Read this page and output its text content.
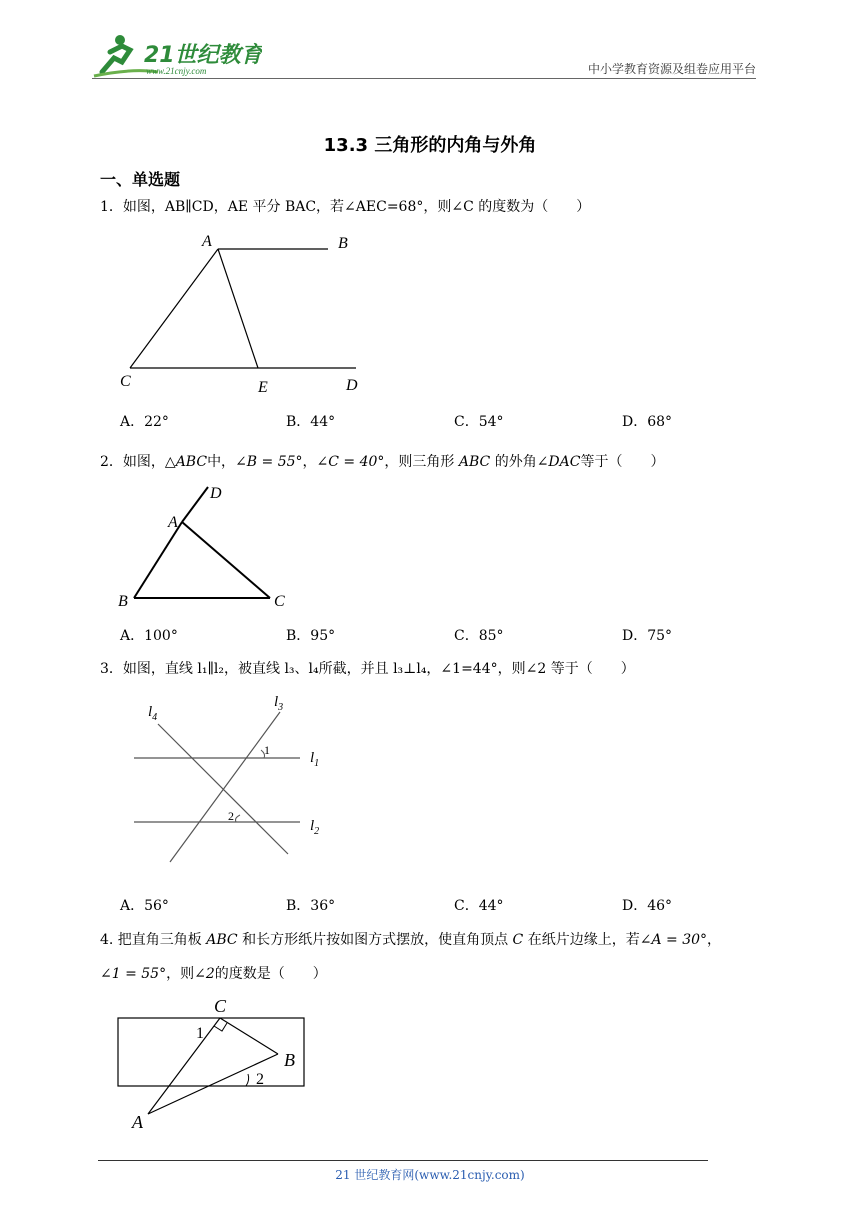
21世纪教育
www.21cnjy.com	中小学教育资源及组卷应用平台
13.3 三角形的内角与外角
一、单选题
1．如图，AB∥CD，AE 平分 BAC，若∠AEC=68°，则∠C 的度数为（　　）
A	B
C	E	D
A．22°	B．44°	C．54°	D．68°
2．如图，△ABC中，∠B = 55°，∠C = 40°，则三角形 ABC 的外角∠DAC等于（　　）
A
D
B	C
A．100°	B．95°	C．85°	D．75°
3．如图，直线 l₁∥l₂，被直线 l₃、l₄所截，并且 l₃⊥l₄，∠1=44°，则∠2 等于（　　）
1
2
$l_4$
$l_3$
$l_1$
$l_2$
A．56°	B．36°	C．44°	D．46°
4. 把直角三角板 ABC 和长方形纸片按如图方式摆放，使直角顶点 C 在纸片边缘上，若∠A = 30°，
∠1 = 55°，则∠2的度数是（　　）
C
B
A
1
2
21 世纪教育网(www.21cnjy.com)
